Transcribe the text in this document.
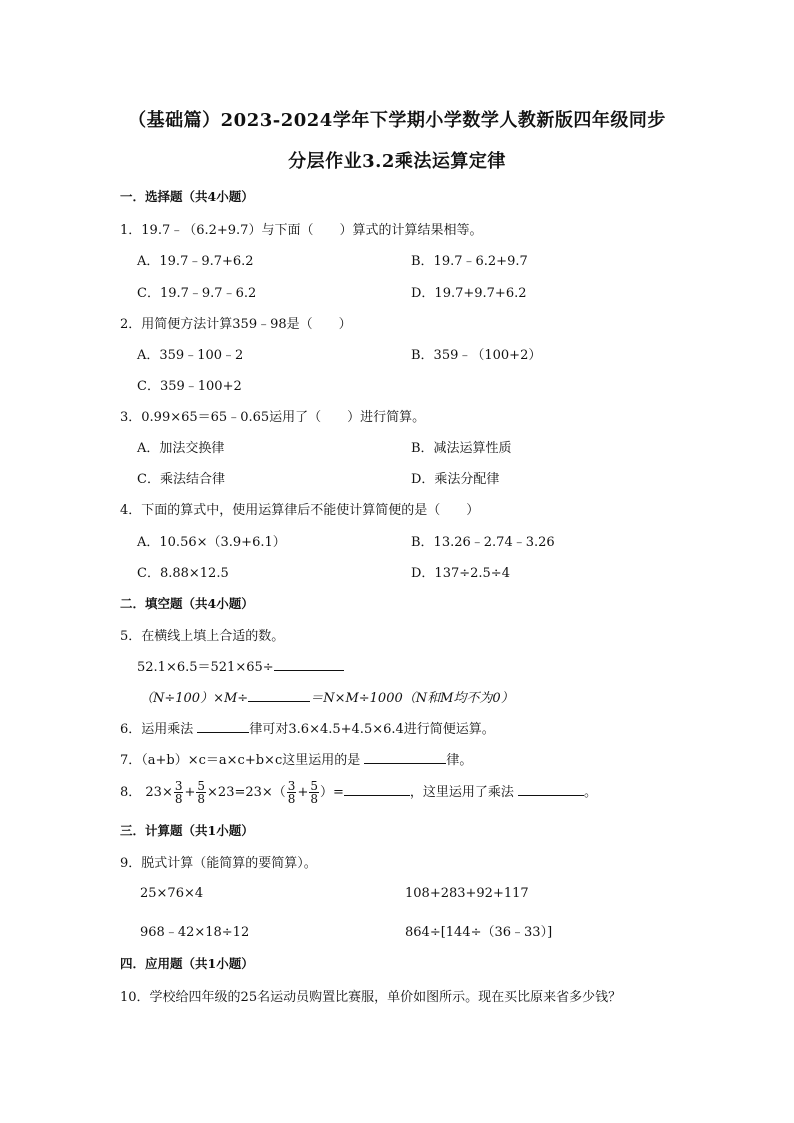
（基础篇）2023-2024学年下学期小学数学人教新版四年级同步
分层作业3.2乘法运算定律
一．选择题（共4小题）
1．19.7﹣（6.2+9.7）与下面（　　）算式的计算结果相等。
A．19.7﹣9.7+6.2	B．19.7﹣6.2+9.7
C．19.7﹣9.7﹣6.2	D．19.7+9.7+6.2
2．用简便方法计算359﹣98是（　　）
A．359﹣100﹣2	B．359﹣（100+2）
C．359﹣100+2
3．0.99×65＝65﹣0.65运用了（　　）进行简算。
A．加法交换律	B．减法运算性质
C．乘法结合律	D．乘法分配律
4．下面的算式中，使用运算律后不能使计算简便的是（　　）
A．10.56×（3.9+6.1）	B．13.26﹣2.74﹣3.26
C．8.88×12.5	D．137÷2.5÷4
二．填空题（共4小题）
5．在横线上填上合适的数。
52.1×6.5＝521×65÷
（N÷100）×M÷	＝N×M÷1000（N和M均不为0）
6．运用乘法	律可对3.6×4.5+4.5×6.4进行简便运算。
7．（a+b）×c＝a×c+b×c这里运用的是	律。
8． $23\times \frac{3}{8} + \frac{5}{8} \times 23=23\times( \frac{3}{8} + \frac{5}{8}$ ）=	，这里运用了乘法	。
三．计算题（共1小题）
9．脱式计算（能简算的要简算）。
25×76×4	108+283+92+117
968﹣42×18÷12	864÷[144÷（36﹣33）]
四．应用题（共1小题）
10．学校给四年级的25名运动员购置比赛服，单价如图所示。现在买比原来省多少钱？
